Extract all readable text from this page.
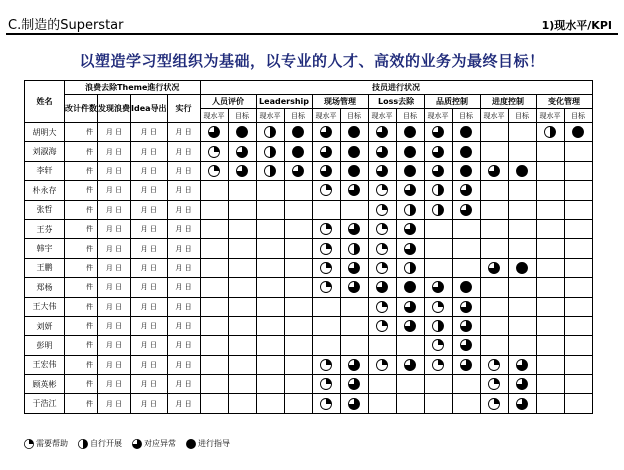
C.制造的Superstar	1)现水平/KPI
以塑造学习型组织为基础，以专业的人才、高效的业务为最终目标！
姓名	浪费去除Theme進行状况				技员进行状况													
	改计件数	发现浪费	Idea导出	实行	人员评价		Leadership		现场管理		Loss去除		品质控制		进度控制		变化管理	
					现水平	目标	现水平	目标	现水平	目标	现水平	目标	现水平	目标	现水平	目标	现水平	目标
胡明大	件	月 日	月 日	月 日														
刘淑海	件	月 日	月 日	月 日														
李轩	件	月 日	月 日	月 日														
朴永存	件	月 日	月 日	月 日														
张哲	件	月 日	月 日	月 日														
王芬	件	月 日	月 日	月 日														
韩宇	件	月 日	月 日	月 日														
王鹏	件	月 日	月 日	月 日														
郑杨	件	月 日	月 日	月 日														
王大伟	件	月 日	月 日	月 日														
刘妍	件	月 日	月 日	月 日														
彭明	件	月 日	月 日	月 日														
王宏伟	件	月 日	月 日	月 日														
顾英彬	件	月 日	月 日	月 日														
于浩江	件	月 日	月 日	月 日														
需要帮助	自行开展	对应异常	进行指导
